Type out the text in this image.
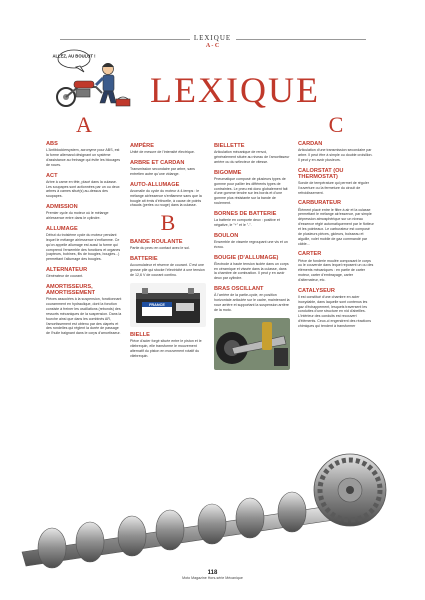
LEXIQUE
A - C
ALLEZ, AU BOULOT !
LEXIQUE
A
ABS
L'Antiblockiersystem, acronyme pour ABS, est la forme allemand désignant un système d'assistance au freinage qui évite les blocages de roues.
ACT
Arbre à came en tête, placé dans la culasse. Les soupapes sont actionnées par un ou deux arbres à cames situé(s) au-dessus des soupapes.
ADMISSION
Premier cycle du moteur où le mélange air/essence entre dans le cylindre.
ALLUMAGE
Début du troisième cycle du moteur pendant lequel le mélange air/essence s'enflamme. Ce qu'on appelle allumage est aussi la forme qui comprend l'ensemble des fonctions et organes (capteurs, bobines, fils de bougies, bougies...) permettant l'allumage des bougies.
ALTERNATEUR
Générateur de courant.
AMORTISSEURS, AMORTISSEMENT
Pièces associées à la suspension, fonctionnant couramment en hydraulique, dont la fonction consiste à freiner les oscillations (rebonds) des ressorts mécaniques de la suspension. Dans la fourche ainsi que dans les combinés AR, l'amortissement est obtenu par des clapets et des rondelles qui règlent la durée de passage de l'huile baignant dans le corps d'amortisseur.
AMPÈRE
Unité de mesure de l'intensité électrique.
ARBRE ET CARDAN
Transmission secondaire par arbre, sans entretien autre qu'une vidange.
AUTO-ALLUMAGE
Anomalie du cycle du moteur à 4-temps : le mélange air/essence s'enflamme sans que la bougie ait émis d'étincelle, à cause de points chauds (perles ou rouge) dans la culasse.
B
BANDE ROULANTE
Partie du pneu en contact avec le sol.
BATTERIE
Accumulateur et réserve de courant. C'est une grosse pile qui stocke l'électricité à une tension de 12,6 V de courant continu.
FRANCE
BIELLE
Pièce d'acier forgé située entre le piston et le vilebrequin, elle transforme le mouvement alternatif du piston en mouvement rotatif du vilebrequin.
BIELLETTE
Articulation mécanique de renvoi, généralement située au niveau de l'amortisseur arrière ou du sélecteur de vitesse.
BIGOMME
Pneumatique composé de plusieurs types de gomme pour pallier les différents types de contraintes. Le pneu est donc globalement fait d'une gomme tendre sur les bords et d'une gomme plus résistante sur la bande de roulement.
BORNES DE BATTERIE
La batterie en comporte deux : positive et négative, le "+" et le "-".
BOULON
Ensemble de visserie regroupant une vis et un écrou.
BOUGIE (D'ALLUMAGE)
Électrode à haute tension isolée dans un corps en céramique et vissée dans la culasse, dans la chambre de combustion. Il peut y en avoir deux par cylindre.
BRAS OSCILLANT
À l'arrière de la partie-cycle, en position horizontale articulée sur le cadre, maintenant la roue arrière et supportant la suspension arrière de la moto.
C
CARDAN
Articulation d'une transmission secondaire par arbre. Il peut être à simple ou double croisillon. Il peut y en avoir plusieurs.
CALORSTAT (OU THERMOSTAT)
Sonde de température qui permet de réguler l'ouverture ou la fermeture du circuit de refroidissement.
CARBURATEUR
Élément placé entre le filtre à air et la culasse permettant le mélange air/essence, par simple dépression atmosphérique sur un niveau d'essence réglé automatiquement par le flotteur et les pointeaux. Le carburateur est composé de plusieurs pièces, gicleurs, boisseau et aiguille, volet mobile de gaz commandé par câble...
CARTER
Pièce de fonderie moulée composant le corps ou le couvercle dans lequel reposent un ou des éléments mécaniques : en partie de carter moteur, carter d'embrayage, carter d'alternateur, etc.
CATALYSEUR
Il est constitué d'une chambre en acier inoxydable, dans laquelle sont contenus les gaz d'échappement, lesquels traversent les conduites d'une structure en nid d'abeilles. L'intérieur des conduits est recouvert d'éléments. Ceux-ci engendrent des réactions chimiques qui tendent à transformer
118
Moto Magazine Hors-série Mécanique
